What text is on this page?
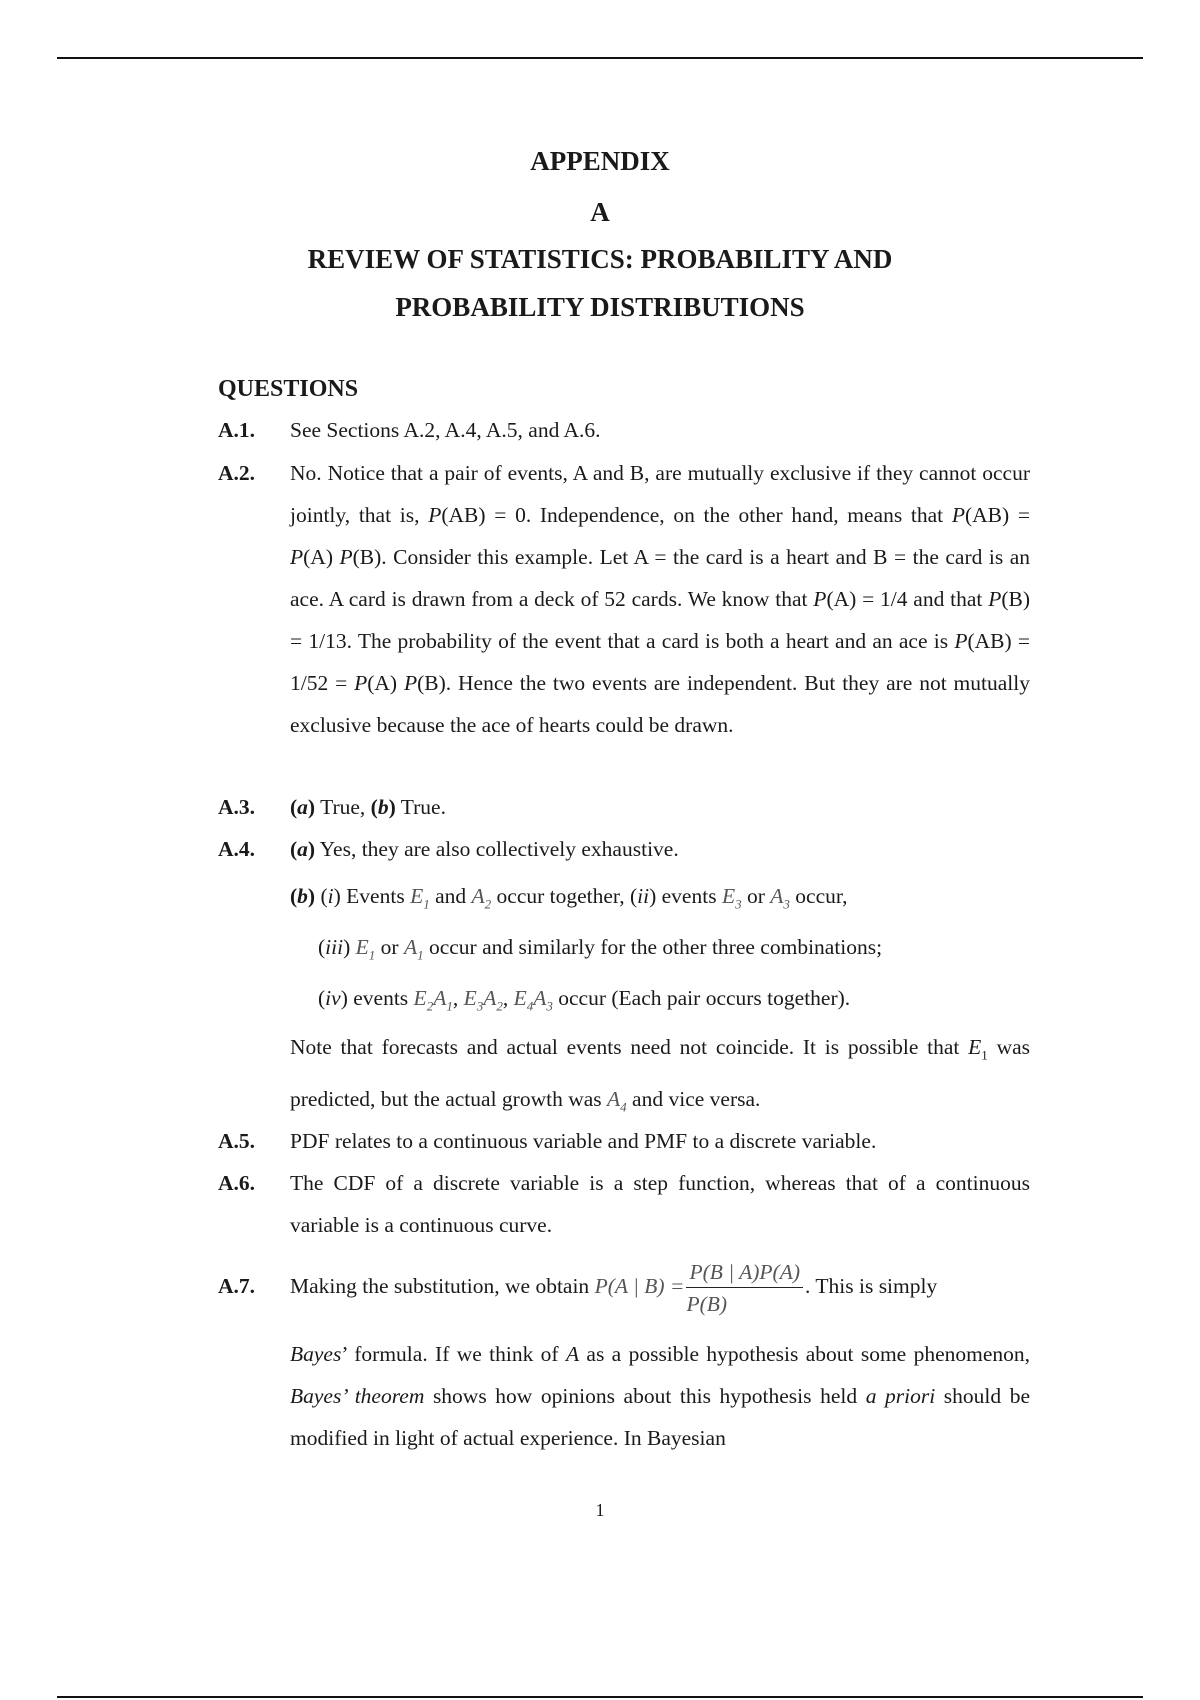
APPENDIX
A
REVIEW OF STATISTICS: PROBABILITY AND
PROBABILITY DISTRIBUTIONS
QUESTIONS
A.1. See Sections A.2, A.4, A.5, and A.6.
A.2. No. Notice that a pair of events, A and B, are mutually exclusive if they cannot occur jointly, that is, P(AB) = 0. Independence, on the other hand, means that P(AB) = P(A) P(B). Consider this example. Let A = the card is a heart and B = the card is an ace. A card is drawn from a deck of 52 cards. We know that P(A) = 1/4 and that P(B) = 1/13. The probability of the event that a card is both a heart and an ace is P(AB) = 1/52 = P(A) P(B). Hence the two events are independent. But they are not mutually exclusive because the ace of hearts could be drawn.
A.3. (a) True, (b) True.
A.4. (a) Yes, they are also collectively exhaustive.
(b) (i) Events $E_1$ and $A_2$ occur together, (ii) events $E_3$ or $A_3$ occur,
(iii) $E_1$ or $A_1$ occur and similarly for the other three combinations;
(iv) events $E_2A_1$, $E_3A_2$, $E_4A_3$ occur (Each pair occurs together).
Note that forecasts and actual events need not coincide. It is possible that $E_1$ was predicted, but the actual growth was $A_4$ and vice versa.
A.5. PDF relates to a continuous variable and PMF to a discrete variable.
A.6. The CDF of a discrete variable is a step function, whereas that of a continuous variable is a continuous curve.
A.7. Making the substitution, we obtain P(A | $B) = \frac{P(B | A)P(A)}{P(B)}$ . This is simply
Bayes’ formula. If we think of A as a possible hypothesis about some phenomenon, Bayes’ theorem shows how opinions about this hypothesis held a priori should be modified in light of actual experience. In Bayesian
1
